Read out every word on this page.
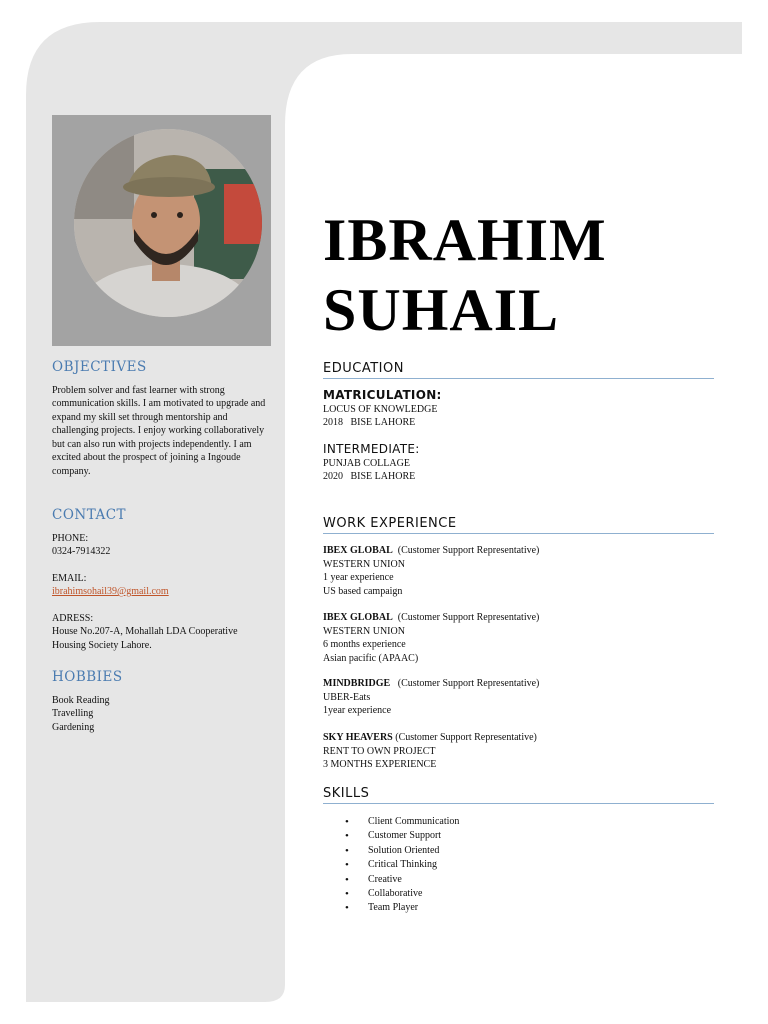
OBJECTIVES

Problem solver and fast learner with strong communication skills. I am motivated to upgrade and expand my skill set through mentorship and challenging projects. I enjoy working collaboratively but can also run with projects independently. I am excited about the prospect of joining a Ingoude company.

CONTACT

PHONE:
0324-7914322

EMAIL:
ibrahimsohail39@gmail.com

ADRESS:
House No.207-A, Mohallah LDA Cooperative Housing Society Lahore.

HOBBIES

Book Reading
Travelling
Gardening

IBRAHIM
SUHAIL
EDUCATION
MATRICULATION:
LOCUS OF KNOWLEDGE
2018   BISE LAHORE
INTERMEDIATE:
PUNJAB COLLAGE
2020   BISE LAHORE
WORK EXPERIENCE
IBEX GLOBAL  (Customer Support Representative)
WESTERN UNION
1 year experience
US based campaign
IBEX GLOBAL  (Customer Support Representative)
WESTERN UNION
6 months experience
Asian pacific (APAAC)
MINDBRIDGE   (Customer Support Representative)
UBER-Eats
1year experience
SKY HEAVERS (Customer Support Representative)
RENT TO OWN PROJECT
3 MONTHS EXPERIENCE
SKILLS
• Client Communication
• Customer Support
• Solution Oriented
• Critical Thinking
• Creative
• Collaborative
• Team Player
